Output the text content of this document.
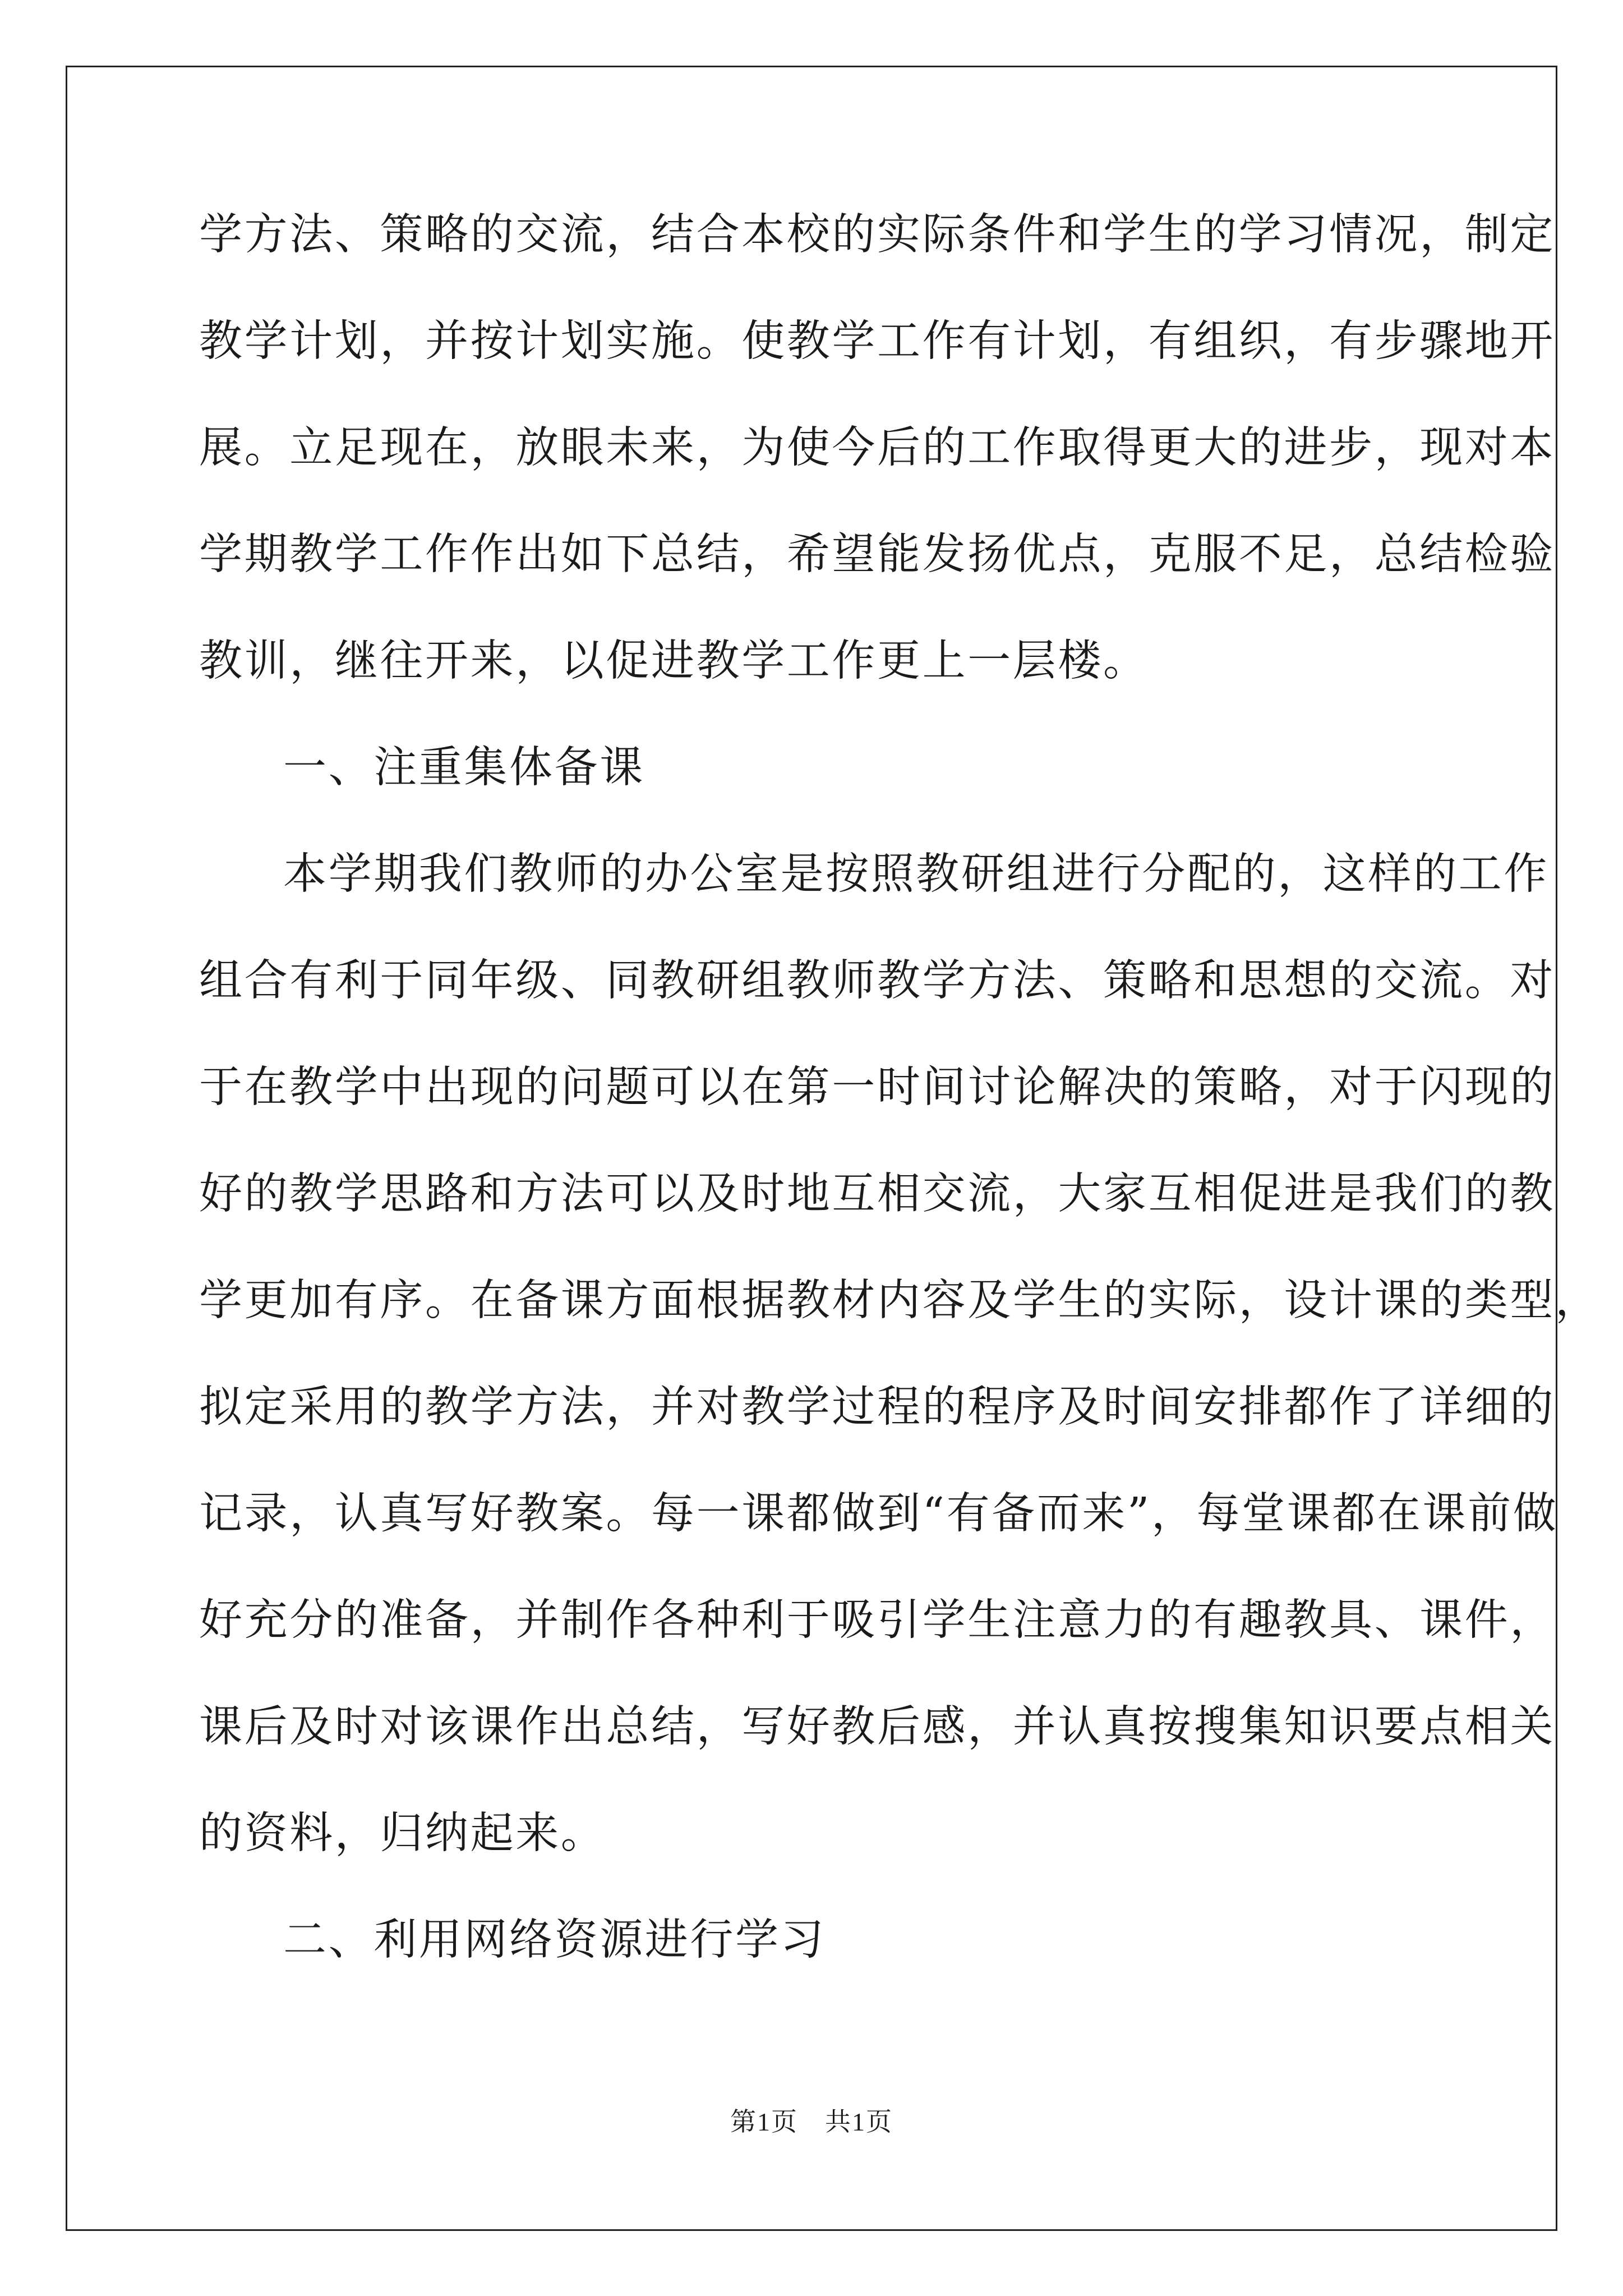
学方法、策略的交流，结合本校的实际条件和学生的学习情况，制定
教学计划，并按计划实施。使教学工作有计划，有组织，有步骤地开
展。立足现在，放眼未来，为使今后的工作取得更大的进步，现对本
学期教学工作作出如下总结，希望能发扬优点，克服不足，总结检验
教训，继往开来，以促进教学工作更上一层楼。
一、注重集体备课
本学期我们教师的办公室是按照教研组进行分配的，这样的工作
组合有利于同年级、同教研组教师教学方法、策略和思想的交流。对
于在教学中出现的问题可以在第一时间讨论解决的策略，对于闪现的
好的教学思路和方法可以及时地互相交流，大家互相促进是我们的教
学更加有序。在备课方面根据教材内容及学生的实际，设计课的类型，
拟定采用的教学方法，并对教学过程的程序及时间安排都作了详细的
记录，认真写好教案。每一课都做到“有备而来”，每堂课都在课前做
好充分的准备，并制作各种利于吸引学生注意力的有趣教具、课件，
课后及时对该课作出总结，写好教后感，并认真按搜集知识要点相关
的资料，归纳起来。
二、利用网络资源进行学习
第1页　共1页
